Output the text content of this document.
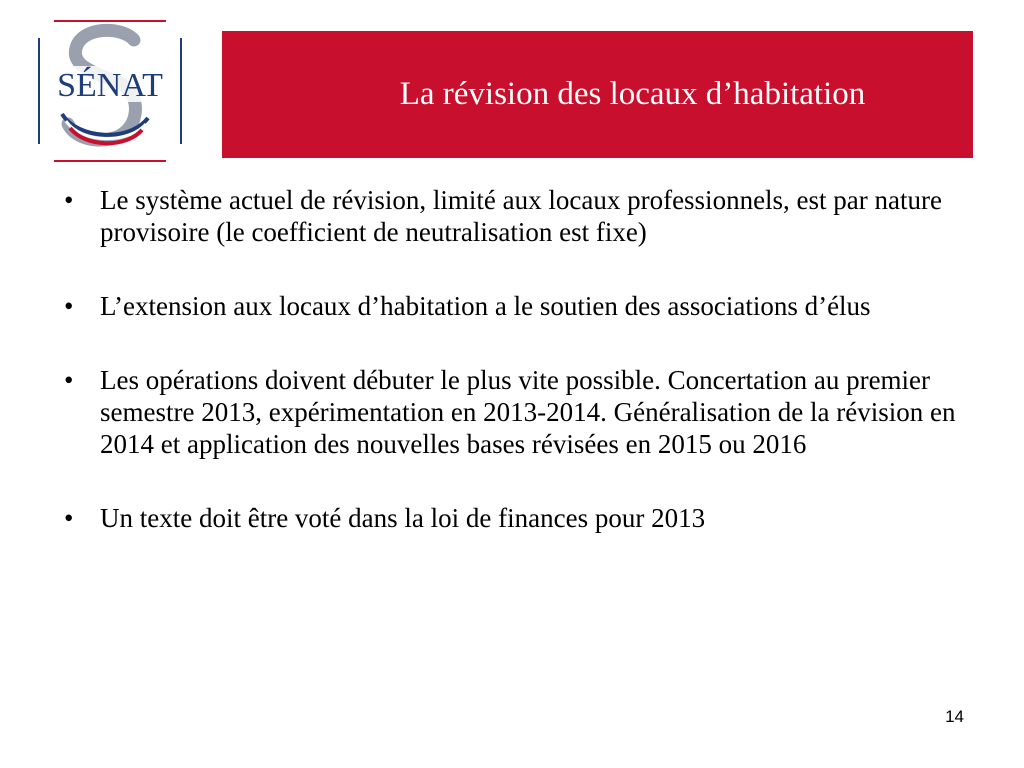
SÉNAT	La révision des locaux d’habitation
• Le système actuel de révision, limité aux locaux professionnels, est par nature provisoire (le coefficient de neutralisation est fixe)
• L’extension aux locaux d’habitation a le soutien des associations d’élus
• Les opérations doivent débuter le plus vite possible. Concertation au premier semestre 2013, expérimentation en 2013-2014. Généralisation de la révision en 2014 et application des nouvelles bases révisées en 2015 ou 2016
• Un texte doit être voté dans la loi de finances pour 2013
14
